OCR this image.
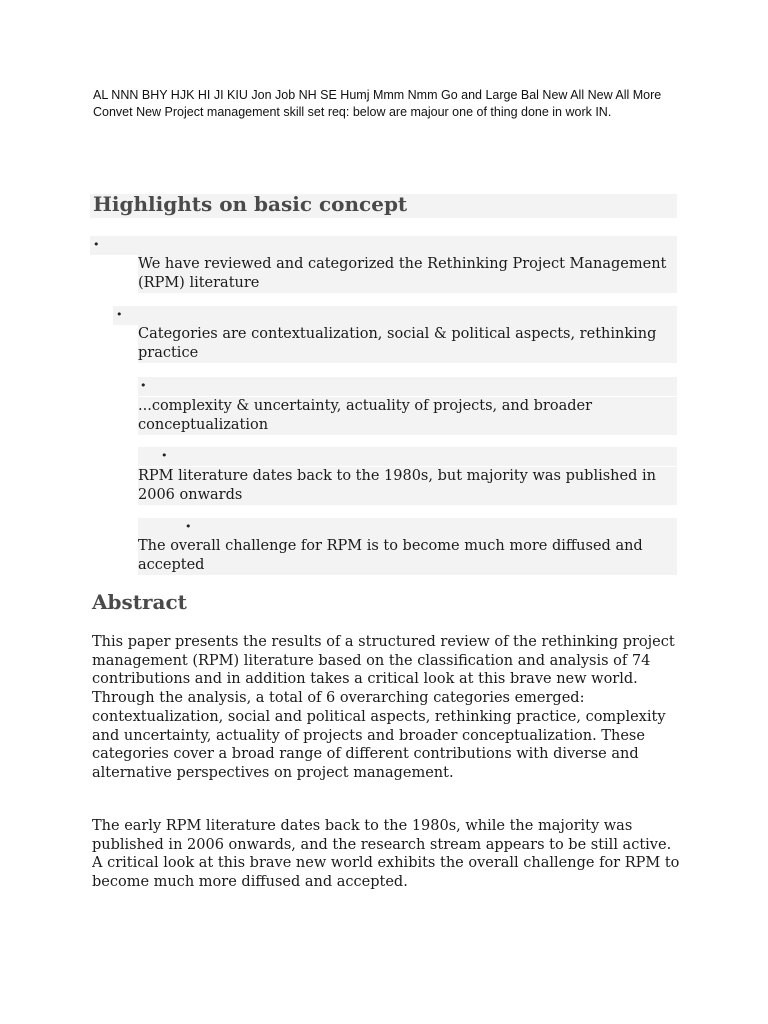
AL NNN BHY HJK HI JI KIU Jon Job NH SE Humj Mmm Nmm Go and Large Bal New All New All More Convet New Project management skill set req: below are majour one of thing done in work IN.
Highlights on basic concept
•
We have reviewed and categorized the Rethinking Project Management (RPM) literature
•
Categories are contextualization, social & political aspects, rethinking practice
•
...complexity & uncertainty, actuality of projects, and broader conceptualization
•
RPM literature dates back to the 1980s, but majority was published in 2006 onwards
•
The overall challenge for RPM is to become much more diffused and accepted
Abstract

This paper presents the results of a structured review of the rethinking project management (RPM) literature based on the classification and analysis of 74 contributions and in addition takes a critical look at this brave new world. Through the analysis, a total of 6 overarching categories emerged: contextualization, social and political aspects, rethinking practice, complexity and uncertainty, actuality of projects and broader conceptualization. These categories cover a broad range of different contributions with diverse and alternative perspectives on project management.

The early RPM literature dates back to the 1980s, while the majority was published in 2006 onwards, and the research stream appears to be still active. A critical look at this brave new world exhibits the overall challenge for RPM to become much more diffused and accepted.
